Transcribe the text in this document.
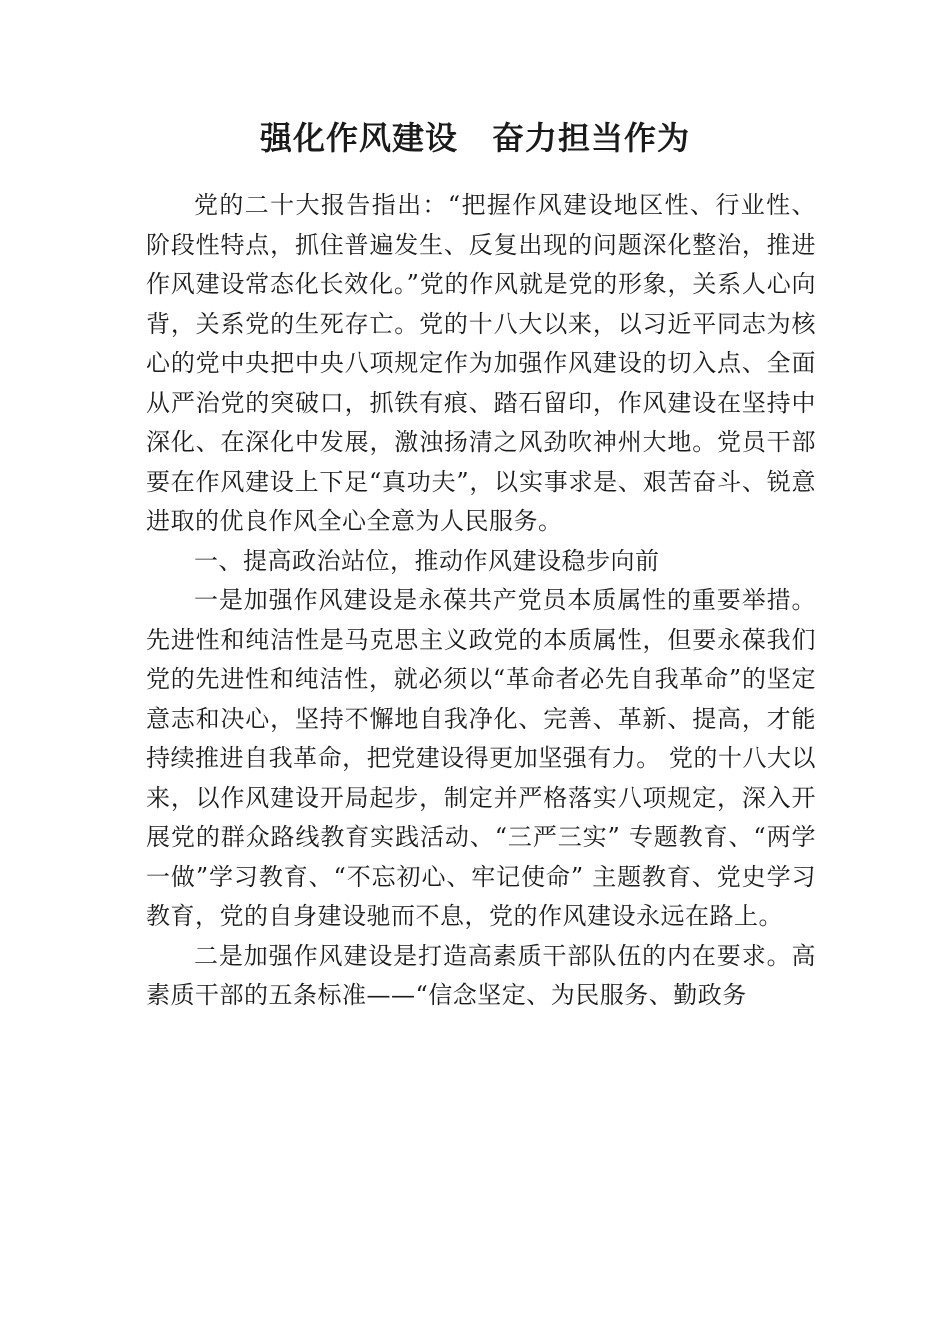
强化作风建设 奋力担当作为

党的二十大报告指出：“把握作风建设地区性、行业性、阶段性特点，抓住普遍发生、反复出现的问题深化整治，推进作风建设常态化长效化。”党的作风就是党的形象，关系人心向背，关系党的生死存亡。党的十八大以来，以习近平同志为核心的党中央把中央八项规定作为加强作风建设的切入点、全面从严治党的突破口，抓铁有痕、踏石留印，作风建设在坚持中深化、在深化中发展，激浊扬清之风劲吹神州大地。党员干部要在作风建设上下足“真功夫”，以实事求是、艰苦奋斗、锐意进取的优良作风全心全意为人民服务。

一、提高政治站位，推动作风建设稳步向前

一是加强作风建设是永葆共产党员本质属性的重要举措。先进性和纯洁性是马克思主义政党的本质属性，但要永葆我们党的先进性和纯洁性，就必须以“革命者必先自我革命”的坚定意志和决心，坚持不懈地自我净化、完善、革新、提高，才能持续推进自我革命，把党建设得更加坚强有力。 党的十八大以来，以作风建设开局起步，制定并严格落实八项规定，深入开展党的群众路线教育实践活动、“三严三实” 专题教育、“两学一做”学习教育、“不忘初心、牢记使命” 主题教育、党史学习教育，党的自身建设驰而不息，党的作风建设永远在路上。

二是加强作风建设是打造高素质干部队伍的内在要求。高素质干部的五条标准——“信念坚定、为民服务、勤政务
